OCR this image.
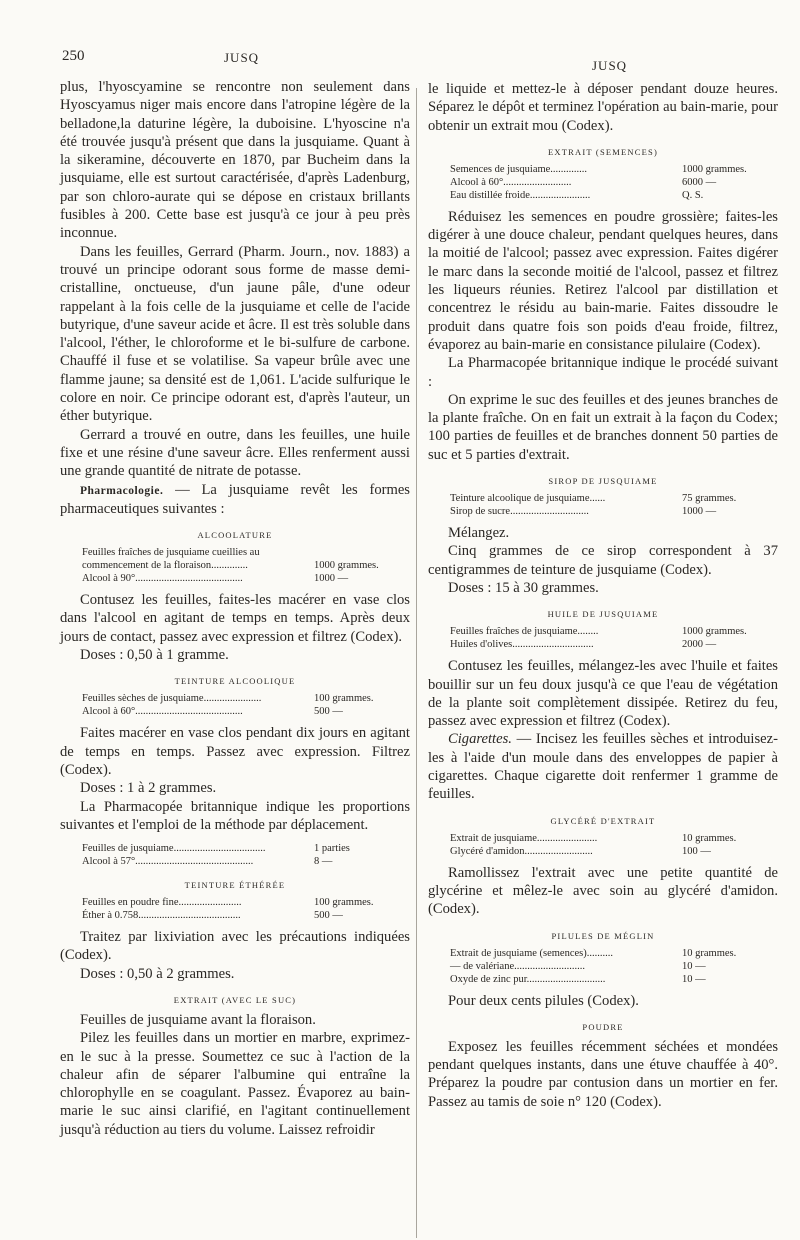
250	JUSQ
JUSQ

plus, l'hyoscyamine se rencontre non seulement dans Hyoscyamus niger mais encore dans l'atropine légère de la belladone,la daturine légère, la duboisine. L'hyoscine n'a été trouvée jusqu'à présent que dans la jusquiame. Quant à la sikeramine, découverte en 1870, par Bucheim dans la jusquiame, elle est surtout caractérisée, d'après Ladenburg, par son chloro-aurate qui se dépose en cristaux brillants fusibles à 200. Cette base est jusqu'à ce jour à peu près inconnue.

Dans les feuilles, Gerrard (Pharm. Journ., nov. 1883) a trouvé un principe odorant sous forme de masse demi-cristalline, onctueuse, d'un jaune pâle, d'une odeur rappelant à la fois celle de la jusquiame et celle de l'acide butyrique, d'une saveur acide et âcre. Il est très soluble dans l'alcool, l'éther, le chloroforme et le bi-sulfure de carbone. Chauffé il fuse et se volatilise. Sa vapeur brûle avec une flamme jaune; sa densité est de 1,061. L'acide sulfurique le colore en noir. Ce principe odorant est, d'après l'auteur, un éther butyrique.

Gerrard a trouvé en outre, dans les feuilles, une huile fixe et une résine d'une saveur âcre. Elles renferment aussi une grande quantité de nitrate de potasse.

Pharmacologie. — La jusquiame revêt les formes pharmaceutiques suivantes :

ALCOOLATURE
Feuilles fraîches de jusquiame cueillies au
commencement de la floraison..............	1000 grammes.
Alcool à 90°.........................................	1000 —

Contusez les feuilles, faites-les macérer en vase clos dans l'alcool en agitant de temps en temps. Après deux jours de contact, passez avec expression et filtrez (Codex).

Doses : 0,50 à 1 gramme.

TEINTURE ALCOOLIQUE
Feuilles sèches de jusquiame......................	100 grammes.
Alcool à 60°.........................................	500 —

Faites macérer en vase clos pendant dix jours en agitant de temps en temps. Passez avec expression. Filtrez (Codex).

Doses : 1 à 2 grammes.

La Pharmacopée britannique indique les proportions suivantes et l'emploi de la méthode par déplacement.

Feuilles de jusquiame...................................	1 parties
Alcool à 57°.............................................	8 —
TEINTURE ÉTHÉRÉE
Feuilles en poudre fine........................	100 grammes.
Éther à 0.758.......................................	500 —

Traitez par lixiviation avec les précautions indiquées (Codex).

Doses : 0,50 à 2 grammes.

EXTRAIT (AVEC LE SUC)

Feuilles de jusquiame avant la floraison.

Pilez les feuilles dans un mortier en marbre, exprimez-en le suc à la presse. Soumettez ce suc à l'action de la chaleur afin de séparer l'albumine qui entraîne la chlorophylle en se coagulant. Passez. Évaporez au bain-marie le suc ainsi clarifié, en l'agitant continuellement jusqu'à réduction au tiers du volume. Laissez refroidir

le liquide et mettez-le à déposer pendant douze heures. Séparez le dépôt et terminez l'opération au bain-marie, pour obtenir un extrait mou (Codex).

EXTRAIT (SEMENCES)
Semences de jusquiame..............	1000 grammes.
Alcool à 60°..........................	6000 —
Eau distillée froide.......................	Q. S.

Réduisez les semences en poudre grossière; faites-les digérer à une douce chaleur, pendant quelques heures, dans la moitié de l'alcool; passez avec expression. Faites digérer le marc dans la seconde moitié de l'alcool, passez et filtrez les liqueurs réunies. Retirez l'alcool par distillation et concentrez le résidu au bain-marie. Faites dissoudre le produit dans quatre fois son poids d'eau froide, filtrez, évaporez au bain-marie en consistance pilulaire (Codex).

La Pharmacopée britannique indique le procédé suivant :

On exprime le suc des feuilles et des jeunes branches de la plante fraîche. On en fait un extrait à la façon du Codex; 100 parties de feuilles et de branches donnent 50 parties de suc et 5 parties d'extrait.

SIROP DE JUSQUIAME
Teinture alcoolique de jusquiame......	75 grammes.
Sirop de sucre..............................	1000 —

Mélangez.

Cinq grammes de ce sirop correspondent à 37 centigrammes de teinture de jusquiame (Codex).

Doses : 15 à 30 grammes.

HUILE DE JUSQUIAME
Feuilles fraîches de jusquiame........	1000 grammes.
Huiles d'olives...............................	2000 —

Contusez les feuilles, mélangez-les avec l'huile et faites bouillir sur un feu doux jusqu'à ce que l'eau de végétation de la plante soit complètement dissipée. Retirez du feu, passez avec expression et filtrez (Codex).

Cigarettes. — Incisez les feuilles sèches et introduisez-les à l'aide d'un moule dans des enveloppes de papier à cigarettes. Chaque cigarette doit renfermer 1 gramme de feuilles.

GLYCÉRÉ D'EXTRAIT
Extrait de jusquiame.......................	10 grammes.
Glycéré d'amidon..........................	100 —

Ramollissez l'extrait avec une petite quantité de glycérine et mêlez-le avec soin au glycéré d'amidon. (Codex).

PILULES DE MÉGLIN
Extrait de jusquiame (semences)..........	10 grammes.
— de valériane...........................	10 —
Oxyde de zinc pur..............................	10 —

Pour deux cents pilules (Codex).

POUDRE

Exposez les feuilles récemment séchées et mondées pendant quelques instants, dans une étuve chauffée à 40°. Préparez la poudre par contusion dans un mortier en fer. Passez au tamis de soie n° 120 (Codex).
